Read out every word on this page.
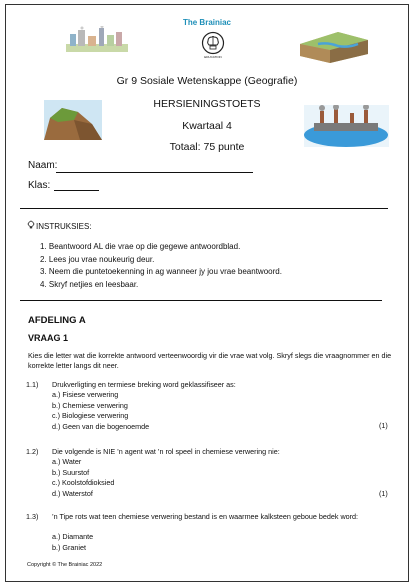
The Brainiac
EDUCATION
Gr 9 Sosiale Wetenskappe (Geografie)
HERSIENINGSTOETS
Kwartaal 4
Totaal: 75 punte
Naam:
Klas:
INSTRUKSIES:
1. Beantwoord AL die vrae op die gegewe antwoordblad.
2. Lees jou vrae noukeurig deur.
3. Neem die puntetoekenning in ag wanneer jy jou vrae beantwoord.
4. Skryf netjies en leesbaar.
AFDELING A
VRAAG 1
Kies die letter wat die korrekte antwoord verteenwoordig vir die vrae wat volg. Skryf slegs die vraagnommer en die korrekte letter langs dit neer.
1.1) Drukverligting en termiese breking word geklassifiseer as:
a.) Fisiese verwering
b.) Chemiese verwering
c.) Biologiese verwering
d.) Geen van die bogenoemde	(1)
1.2) Die volgende is NIE ’n agent wat ’n rol speel in chemiese verwering nie:
a.) Water
b.) Suurstof
c.) Koolstofdioksied
d.) Waterstof	(1)
1.3) ’n Tipe rots wat teen chemiese verwering bestand is en waarmee kalksteen geboue bedek word:
a.) Diamante
b.) Graniet
Copyright © The Brainiac 2022
